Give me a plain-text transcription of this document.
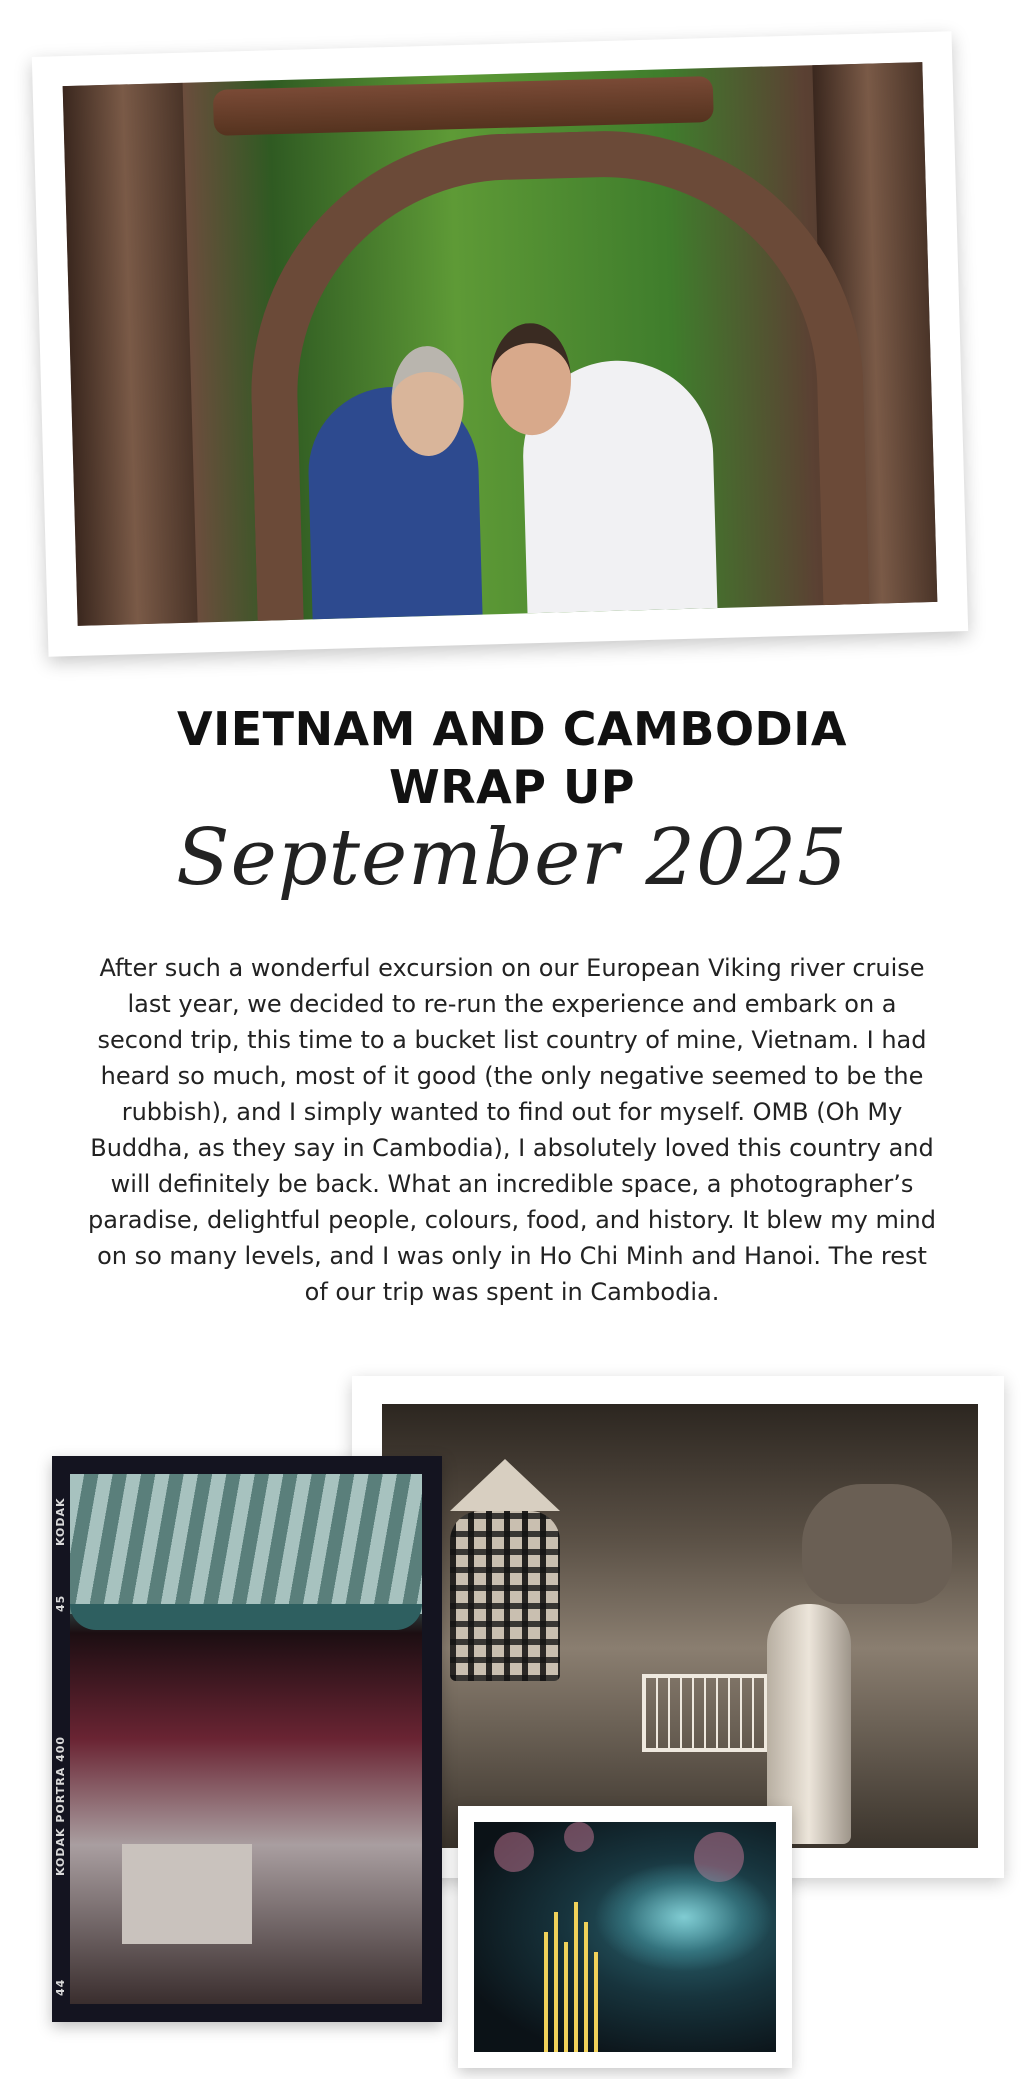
VIETNAM AND CAMBODIA
WRAP UP
September 2025

After such a wonderful excursion on our European Viking river cruise last year, we decided to re-run the experience and embark on a second trip, this time to a bucket list country of mine, Vietnam. I had heard so much, most of it good (the only negative seemed to be the rubbish), and I simply wanted to find out for myself. OMB (Oh My Buddha, as they say in Cambodia), I absolutely loved this country and will definitely be back. What an incredible space, a photographer’s paradise, delightful people, colours, food, and history. It blew my mind on so many levels, and I was only in Ho Chi Minh and Hanoi. The rest of our trip was spent in Cambodia.

KODAK
45
KODAK PORTRA 400
44
